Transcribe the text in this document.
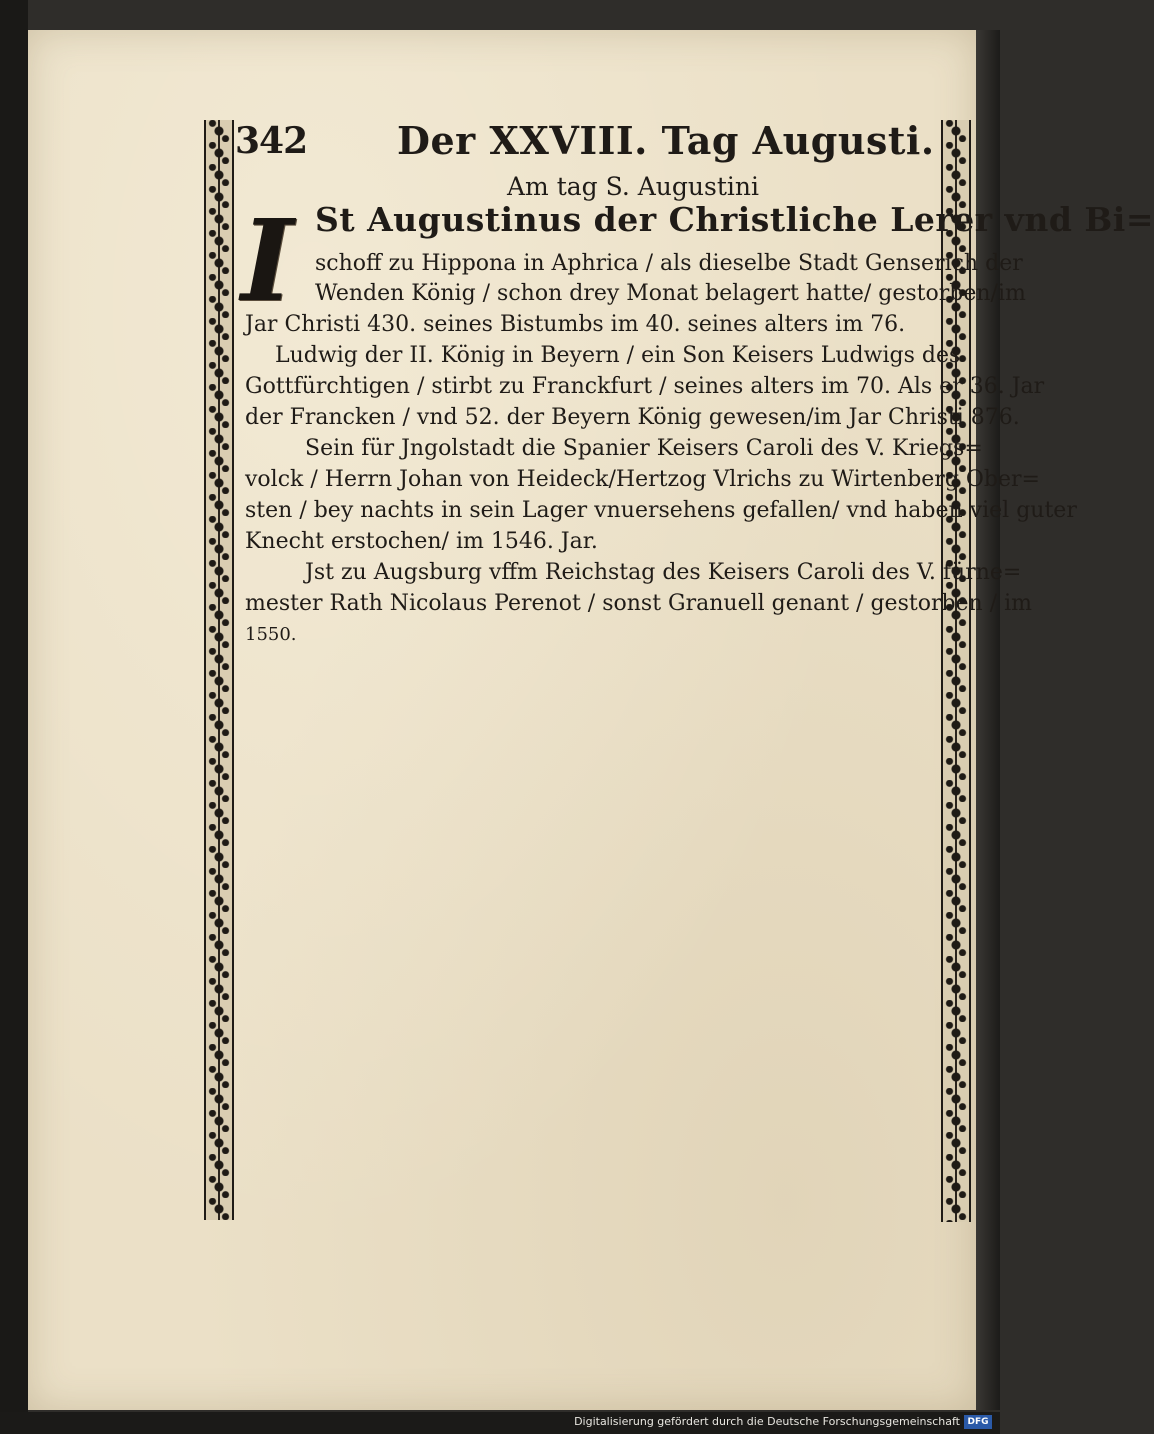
342 Der XXVIII. Tag Augusti.
Am tag S. Augustini
I St Augustinus der Christliche Lerer vnd Bi=
schoff zu Hippona in Aphrica / als dieselbe Stadt Genserich der
Wenden König / schon drey Monat belagert hatte/ gestorben/im
Jar Christi 430. seines Bistumbs im 40. seines alters im 76.
Ludwig der II. König in Beyern / ein Son Keisers Ludwigs des
Gottfürchtigen / stirbt zu Franckfurt / seines alters im 70. Als er 36. Jar
der Francken / vnd 52. der Beyern König gewesen/im Jar Christi 876.
Sein für Jngolstadt die Spanier Keisers Caroli des V. Kriegs=
volck / Herrn Johan von Heideck/Hertzog Vlrichs zu Wirtenberg Ober=
sten / bey nachts in sein Lager vnuersehens gefallen/ vnd haben viel guter
Knecht erstochen/ im 1546. Jar.
Jst zu Augsburg vffm Reichstag des Keisers Caroli des V. fürne=
mester Rath Nicolaus Perenot / sonst Granuell genant / gestorben / im
1550.
Digitalisierung gefördert durch die Deutsche Forschungsgemeinschaft DFG
